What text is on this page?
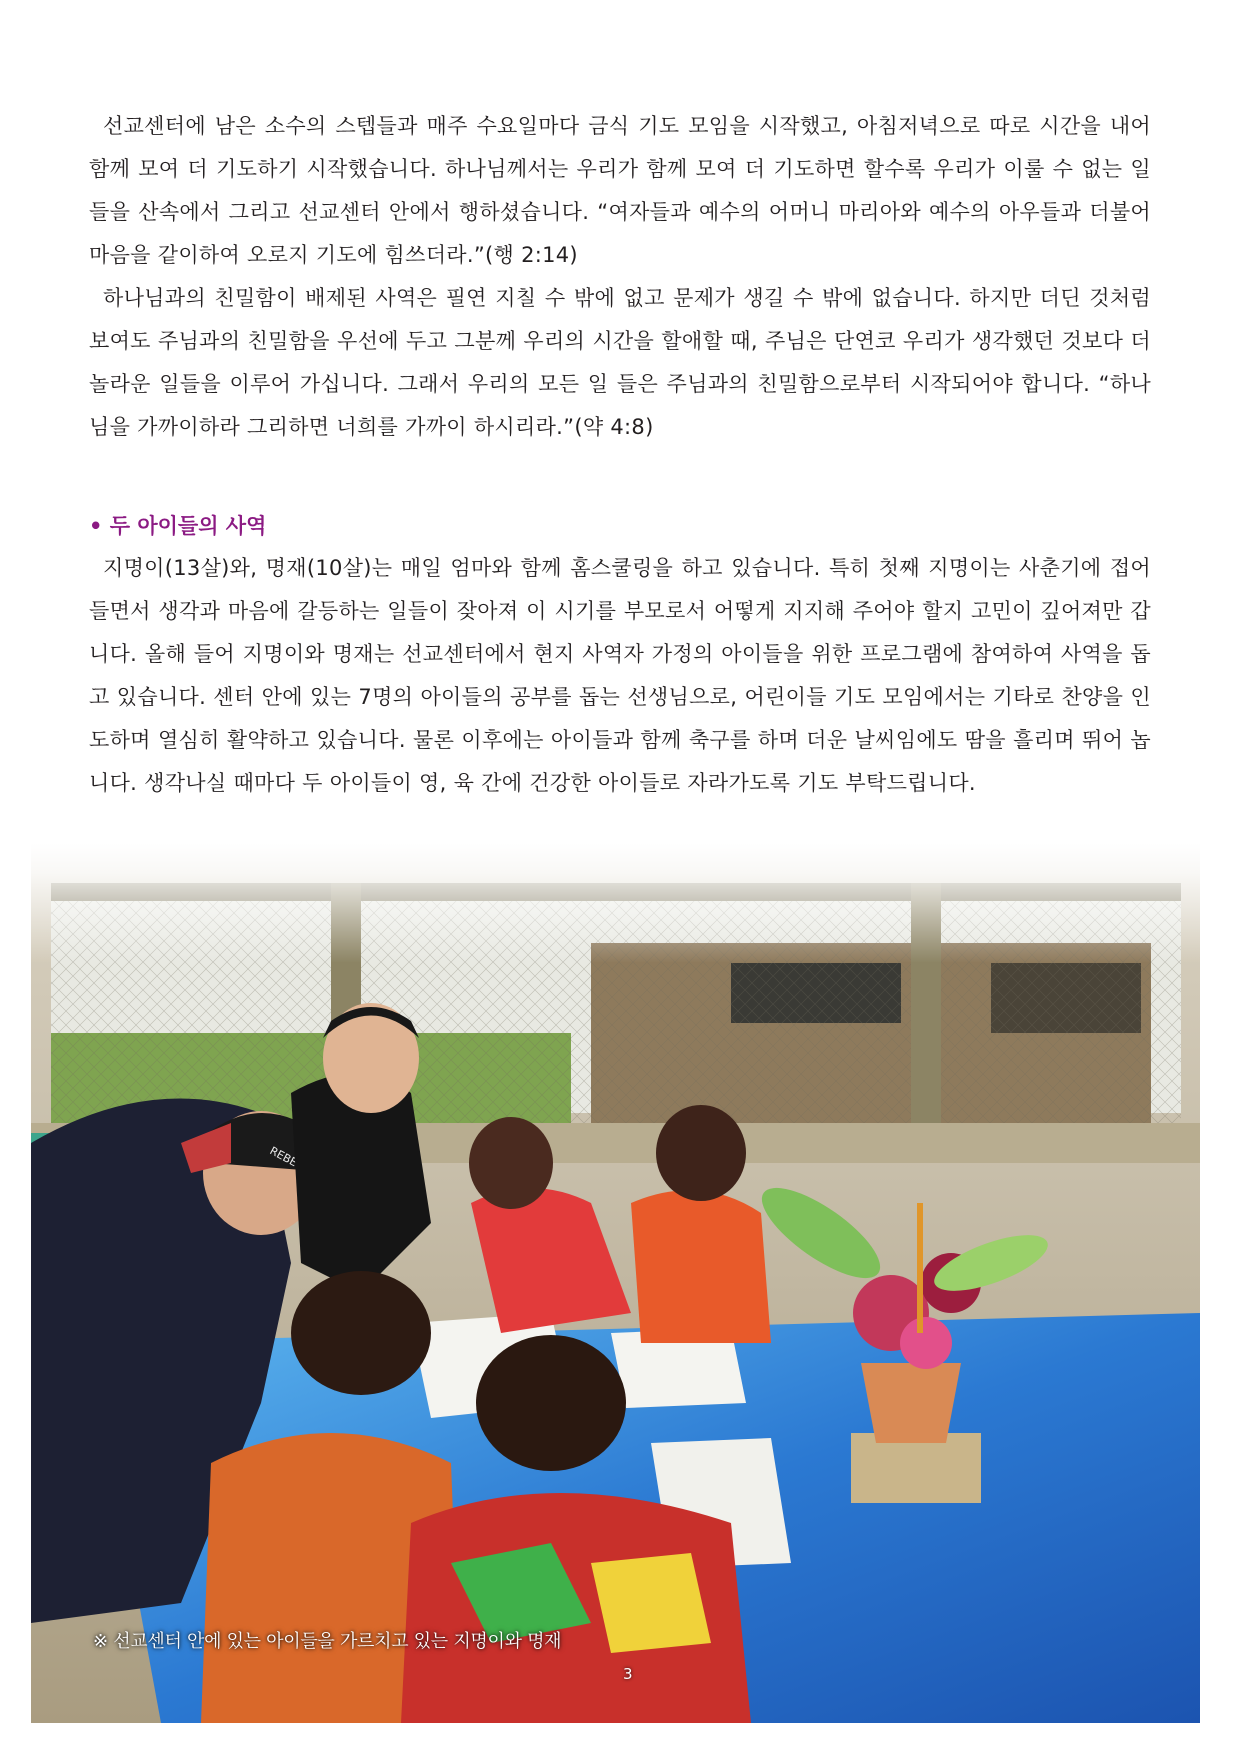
선교센터에 남은 소수의 스텝들과 매주 수요일마다 금식 기도 모임을 시작했고, 아침저녁으로 따로 시간을 내어 함께 모여 더 기도하기 시작했습니다. 하나님께서는 우리가 함께 모여 더 기도하면 할수록 우리가 이룰 수 없는 일들을 산속에서 그리고 선교센터 안에서 행하셨습니다. “여자들과 예수의 어머니 마리아와 예수의 아우들과 더불어 마음을 같이하여 오로지 기도에 힘쓰더라.”(행 2:14)

하나님과의 친밀함이 배제된 사역은 필연 지칠 수 밖에 없고 문제가 생길 수 밖에 없습니다. 하지만 더딘 것처럼 보여도 주님과의 친밀함을 우선에 두고 그분께 우리의 시간을 할애할 때, 주님은 단연코 우리가 생각했던 것보다 더 놀라운 일들을 이루어 가십니다. 그래서 우리의 모든 일 들은 주님과의 친밀함으로부터 시작되어야 합니다. “하나님을 가까이하라 그리하면 너희를 가까이 하시리라.”(약 4:8)

• 두 아이들의 사역

지명이(13살)와, 명재(10살)는 매일 엄마와 함께 홈스쿨링을 하고 있습니다. 특히 첫째 지명이는 사춘기에 접어들면서 생각과 마음에 갈등하는 일들이 잦아져 이 시기를 부모로서 어떻게 지지해 주어야 할지 고민이 깊어져만 갑니다. 올해 들어 지명이와 명재는 선교센터에서 현지 사역자 가정의 아이들을 위한 프로그램에 참여하여 사역을 돕고 있습니다. 센터 안에 있는 7명의 아이들의 공부를 돕는 선생님으로, 어린이들 기도 모임에서는 기타로 찬양을 인도하며 열심히 활약하고 있습니다. 물론 이후에는 아이들과 함께 축구를 하며 더운 날씨임에도 땀을 흘리며 뛰어 놉니다. 생각나실 때마다 두 아이들이 영, 육 간에 건강한 아이들로 자라가도록 기도 부탁드립니다.

REBEL
※ 선교센터 안에 있는 아이들을 가르치고 있는 지명이와 명재
3
